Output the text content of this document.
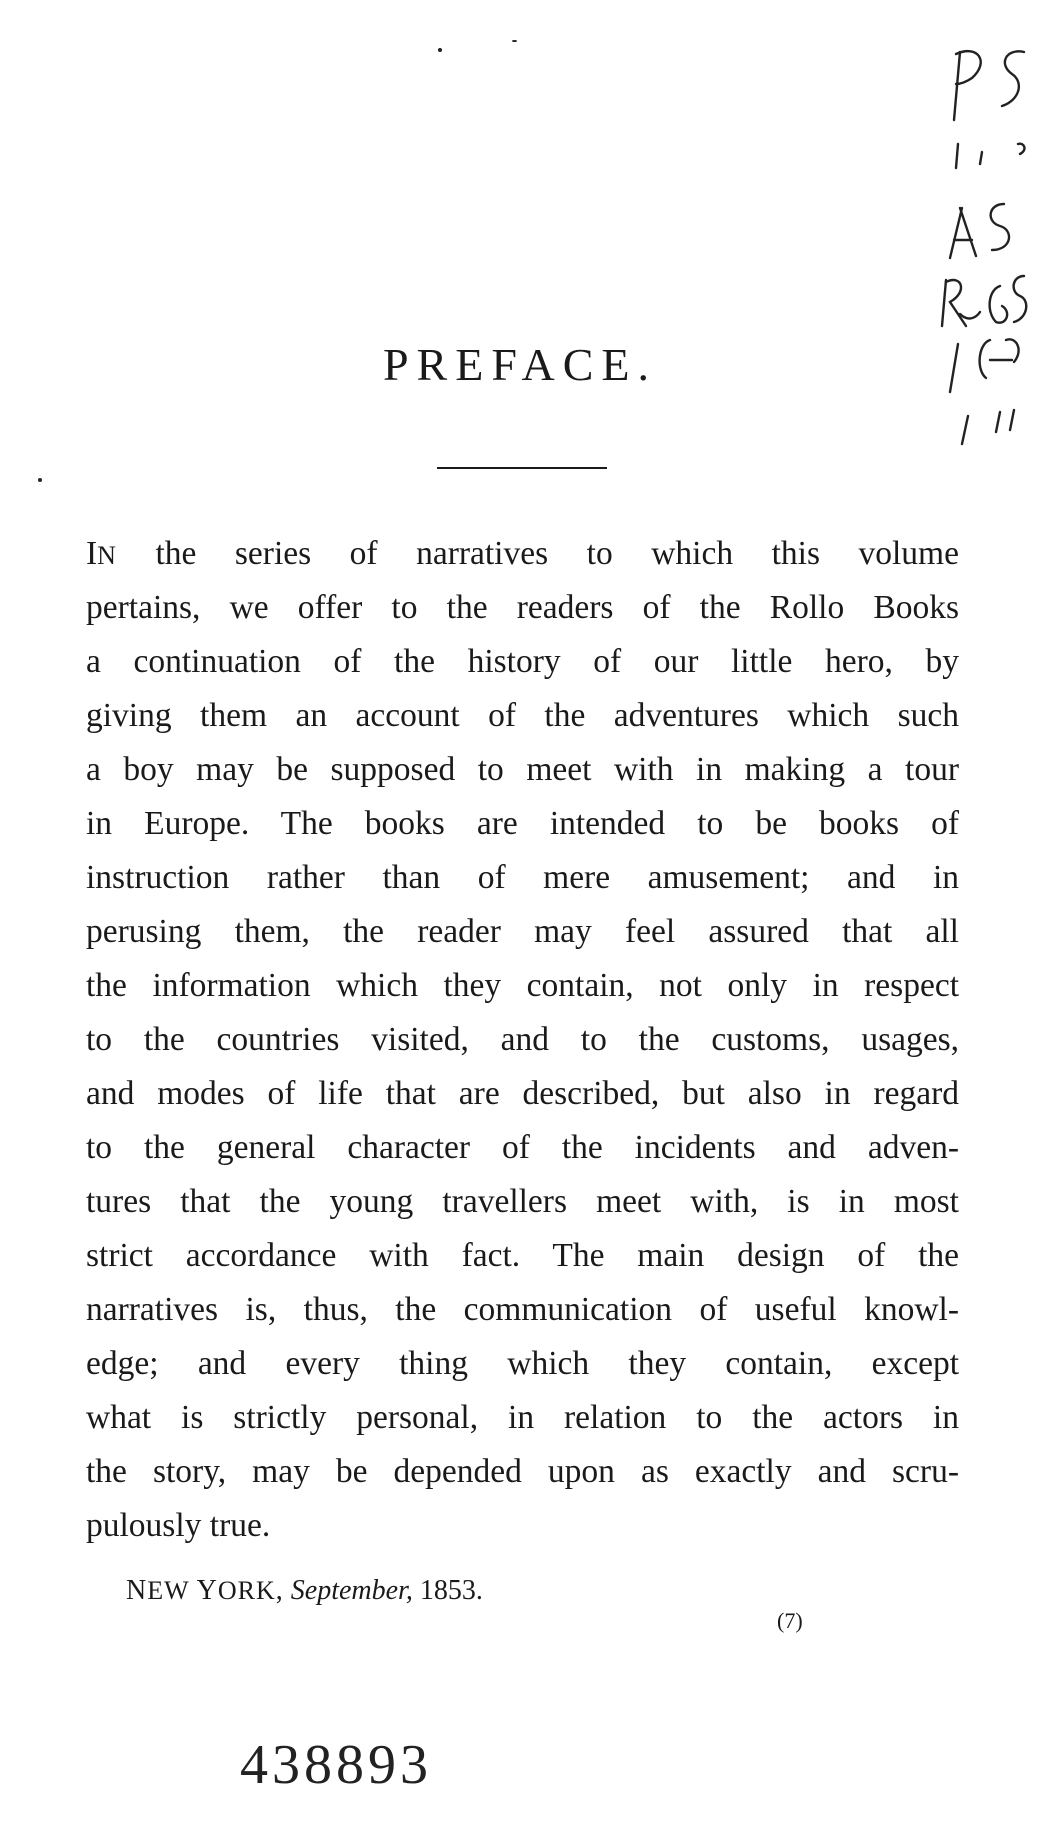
PREFACE.
IN the series of narratives to which this volume
pertains, we offer to the readers of the Rollo Books
a continuation of the history of our little hero, by
giving them an account of the adventures which such
a boy may be supposed to meet with in making a tour
in Europe. The books are intended to be books of
instruction rather than of mere amusement; and in
perusing them, the reader may feel assured that all
the information which they contain, not only in respect
to the countries visited, and to the customs, usages,
and modes of life that are described, but also in regard
to the general character of the incidents and adven-
tures that the young travellers meet with, is in most
strict accordance with fact. The main design of the
narratives is, thus, the communication of useful knowl-
edge; and every thing which they contain, except
what is strictly personal, in relation to the actors in
the story, may be depended upon as exactly and scru-
pulously true.
NEW YORK, September, 1853.
(7)
438893
